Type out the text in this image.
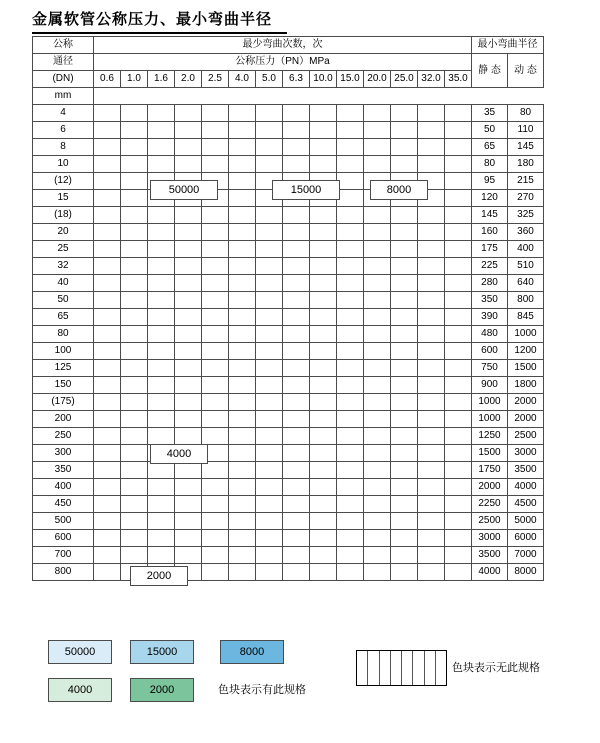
金属软管公称压力、最小弯曲半径
公称	最少弯曲次数，次														最小弯曲半径	
通径	公称压力（PN）MPa														静 态	动 态
(DN)	0.6	1.0	1.6	2.0	2.5	4.0	5.0	6.3	10.0	15.0	20.0	25.0	32.0	35.0		
mm															
4															35	80
6															50	110
8															65	145
10															80	180
(12)															95	215
15															120	270
(18)															145	325
20															160	360
25															175	400
32															225	510
40															280	640
50															350	800
65															390	845
80															480	1000
100															600	1200
125															750	1500
150															900	1800
(175)															1000	2000
200															1000	2000
250															1250	2500
300															1500	3000
350															1750	3500
400															2000	4000
450															2250	4500
500															2500	5000
600															3000	6000
700															3500	7000
800															4000	8000
50000	15000	8000
4000
2000
50000	15000	8000
4000	2000	色块表示有此规格
色块表示无此规格
